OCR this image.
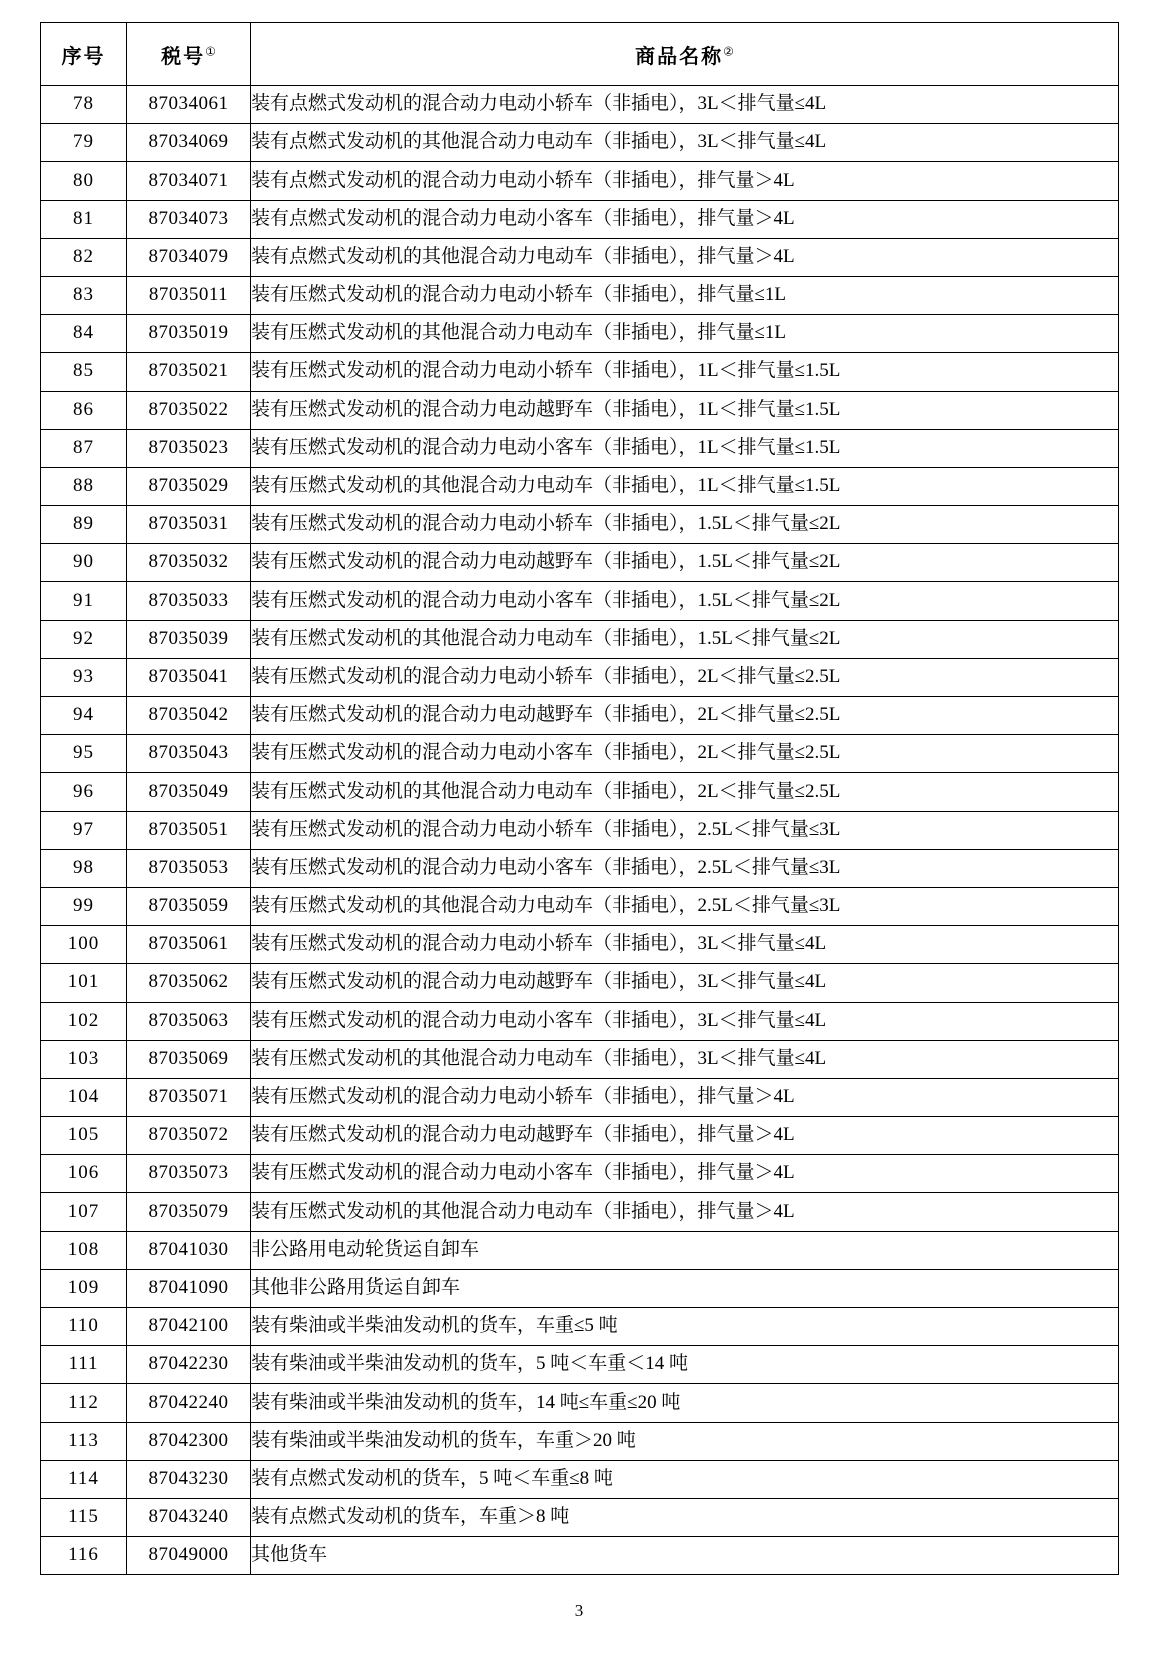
序号	税号①	商品名称②
78	87034061	装有点燃式发动机的混合动力电动小轿车（非插电），3L＜排气量≤4L
79	87034069	装有点燃式发动机的其他混合动力电动车（非插电），3L＜排气量≤4L
80	87034071	装有点燃式发动机的混合动力电动小轿车（非插电），排气量＞4L
81	87034073	装有点燃式发动机的混合动力电动小客车（非插电），排气量＞4L
82	87034079	装有点燃式发动机的其他混合动力电动车（非插电），排气量＞4L
83	87035011	装有压燃式发动机的混合动力电动小轿车（非插电），排气量≤1L
84	87035019	装有压燃式发动机的其他混合动力电动车（非插电），排气量≤1L
85	87035021	装有压燃式发动机的混合动力电动小轿车（非插电），1L＜排气量≤1.5L
86	87035022	装有压燃式发动机的混合动力电动越野车（非插电），1L＜排气量≤1.5L
87	87035023	装有压燃式发动机的混合动力电动小客车（非插电），1L＜排气量≤1.5L
88	87035029	装有压燃式发动机的其他混合动力电动车（非插电），1L＜排气量≤1.5L
89	87035031	装有压燃式发动机的混合动力电动小轿车（非插电），1.5L＜排气量≤2L
90	87035032	装有压燃式发动机的混合动力电动越野车（非插电），1.5L＜排气量≤2L
91	87035033	装有压燃式发动机的混合动力电动小客车（非插电），1.5L＜排气量≤2L
92	87035039	装有压燃式发动机的其他混合动力电动车（非插电），1.5L＜排气量≤2L
93	87035041	装有压燃式发动机的混合动力电动小轿车（非插电），2L＜排气量≤2.5L
94	87035042	装有压燃式发动机的混合动力电动越野车（非插电），2L＜排气量≤2.5L
95	87035043	装有压燃式发动机的混合动力电动小客车（非插电），2L＜排气量≤2.5L
96	87035049	装有压燃式发动机的其他混合动力电动车（非插电），2L＜排气量≤2.5L
97	87035051	装有压燃式发动机的混合动力电动小轿车（非插电），2.5L＜排气量≤3L
98	87035053	装有压燃式发动机的混合动力电动小客车（非插电），2.5L＜排气量≤3L
99	87035059	装有压燃式发动机的其他混合动力电动车（非插电），2.5L＜排气量≤3L
100	87035061	装有压燃式发动机的混合动力电动小轿车（非插电），3L＜排气量≤4L
101	87035062	装有压燃式发动机的混合动力电动越野车（非插电），3L＜排气量≤4L
102	87035063	装有压燃式发动机的混合动力电动小客车（非插电），3L＜排气量≤4L
103	87035069	装有压燃式发动机的其他混合动力电动车（非插电），3L＜排气量≤4L
104	87035071	装有压燃式发动机的混合动力电动小轿车（非插电），排气量＞4L
105	87035072	装有压燃式发动机的混合动力电动越野车（非插电），排气量＞4L
106	87035073	装有压燃式发动机的混合动力电动小客车（非插电），排气量＞4L
107	87035079	装有压燃式发动机的其他混合动力电动车（非插电），排气量＞4L
108	87041030	非公路用电动轮货运自卸车
109	87041090	其他非公路用货运自卸车
110	87042100	装有柴油或半柴油发动机的货车，车重≤5 吨
111	87042230	装有柴油或半柴油发动机的货车，5 吨＜车重＜14 吨
112	87042240	装有柴油或半柴油发动机的货车，14 吨≤车重≤20 吨
113	87042300	装有柴油或半柴油发动机的货车，车重＞20 吨
114	87043230	装有点燃式发动机的货车，5 吨＜车重≤8 吨
115	87043240	装有点燃式发动机的货车，车重＞8 吨
116	87049000	其他货车
3
